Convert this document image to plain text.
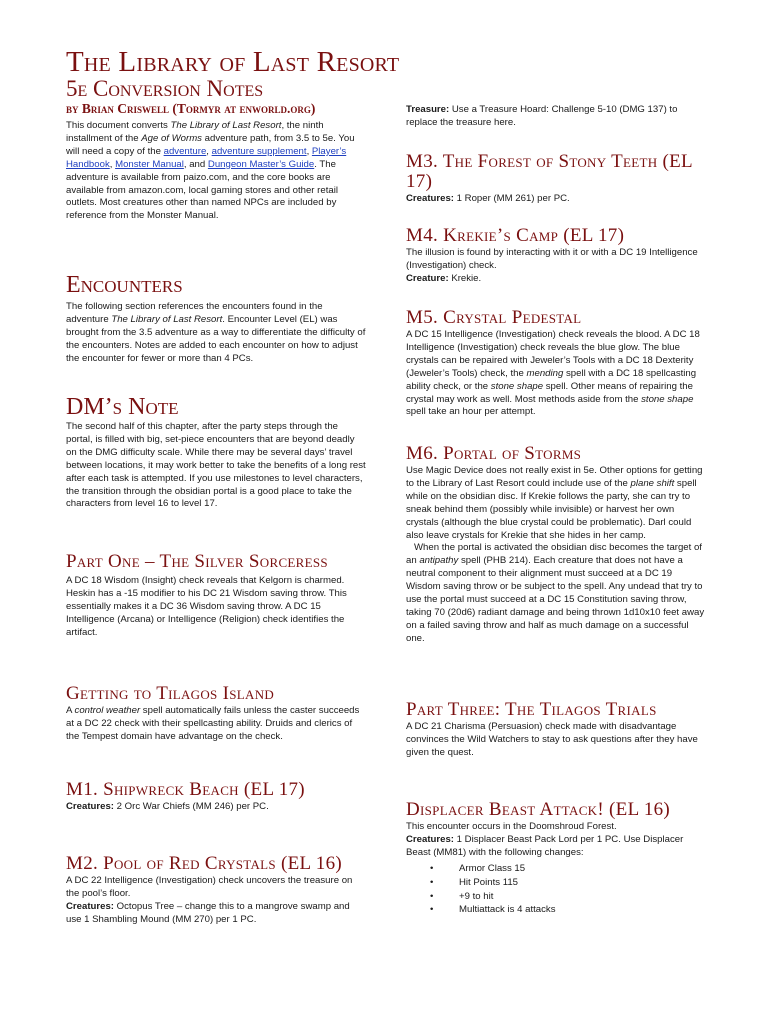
The Library of Last Resort
5e Conversion Notes
by Brian Criswell (Tormyr at enworld.org)

This document converts The Library of Last Resort, the ninth installment of the Age of Worms adventure path, from 3.5 to 5e. You will need a copy of the adventure, adventure supplement, Player’s Handbook, Monster Manual, and Dungeon Master’s Guide. The adventure is available from paizo.com, and the core books are available from amazon.com, local gaming stores and other retail outlets. Most creatures other than named NPCs are included by reference from the Monster Manual.

Encounters

The following section references the encounters found in the adventure The Library of Last Resort. Encounter Level (EL) was brought from the 3.5 adventure as a way to differentiate the difficulty of the encounters. Notes are added to each encounter on how to adjust the encounter for fewer or more than 4 PCs.

DM’s Note

The second half of this chapter, after the party steps through the portal, is filled with big, set-piece encounters that are beyond deadly on the DMG difficulty scale. While there may be several days’ travel between locations, it may work better to take the benefits of a long rest after each task is attempted. If you use milestones to level characters, the transition through the obsidian portal is a good place to take the characters from level 16 to level 17.

Part One – The Silver Sorceress

A DC 18 Wisdom (Insight) check reveals that Kelgorn is charmed. Heskin has a -15 modifier to his DC 21 Wisdom saving throw. This essentially makes it a DC 36 Wisdom saving throw. A DC 15 Intelligence (Arcana) or Intelligence (Religion) check identifies the artifact.

Getting to Tilagos Island

A control weather spell automatically fails unless the caster succeeds at a DC 22 check with their spellcasting ability. Druids and clerics of the Tempest domain have advantage on the check.

M1. Shipwreck Beach (EL 17)

Creatures: 2 Orc War Chiefs (MM 246) per PC.

M2. Pool of Red Crystals (EL 16)

A DC 22 Intelligence (Investigation) check uncovers the treasure on the pool’s floor.

Creatures: Octopus Tree – change this to a mangrove swamp and use 1 Shambling Mound (MM 270) per 1 PC.

Treasure: Use a Treasure Hoard: Challenge 5-10 (DMG 137) to replace the treasure here.

M3. The Forest of Stony Teeth (EL 17)

Creatures: 1 Roper (MM 261) per PC.

M4. Krekie’s Camp (EL 17)

The illusion is found by interacting with it or with a DC 19 Intelligence (Investigation) check.

Creature: Krekie.

M5. Crystal Pedestal

A DC 15 Intelligence (Investigation) check reveals the blood. A DC 18 Intelligence (Investigation) check reveals the blue glow. The blue crystals can be repaired with Jeweler’s Tools with a DC 18 Dexterity (Jeweler’s Tools) check, the mending spell with a DC 18 spellcasting ability check, or the stone shape spell. Other means of repairing the crystal may work as well. Most methods aside from the stone shape spell take an hour per attempt.

M6. Portal of Storms

Use Magic Device does not really exist in 5e. Other options for getting to the Library of Last Resort could include use of the plane shift spell while on the obsidian disc. If Krekie follows the party, she can try to sneak behind them (possibly while invisible) or harvest her own crystals (although the blue crystal could be problematic). Darl could also leave crystals for Krekie that she hides in her camp.

When the portal is activated the obsidian disc becomes the target of an antipathy spell (PHB 214). Each creature that does not have a neutral component to their alignment must succeed at a DC 19 Wisdom saving throw or be subject to the spell. Any undead that try to use the portal must succeed at a DC 15 Constitution saving throw, taking 70 (20d6) radiant damage and being thrown 1d10x10 feet away on a failed saving throw and half as much damage on a successful one.

Part Three: The Tilagos Trials

A DC 21 Charisma (Persuasion) check made with disadvantage convinces the Wild Watchers to stay to ask questions after they have given the quest.

Displacer Beast Attack! (EL 16)

This encounter occurs in the Doomshroud Forest.

Creatures: 1 Displacer Beast Pack Lord per 1 PC. Use Displacer Beast (MM81) with the following changes:

• Armor Class 15
• Hit Points 115
• +9 to hit
• Multiattack is 4 attacks
